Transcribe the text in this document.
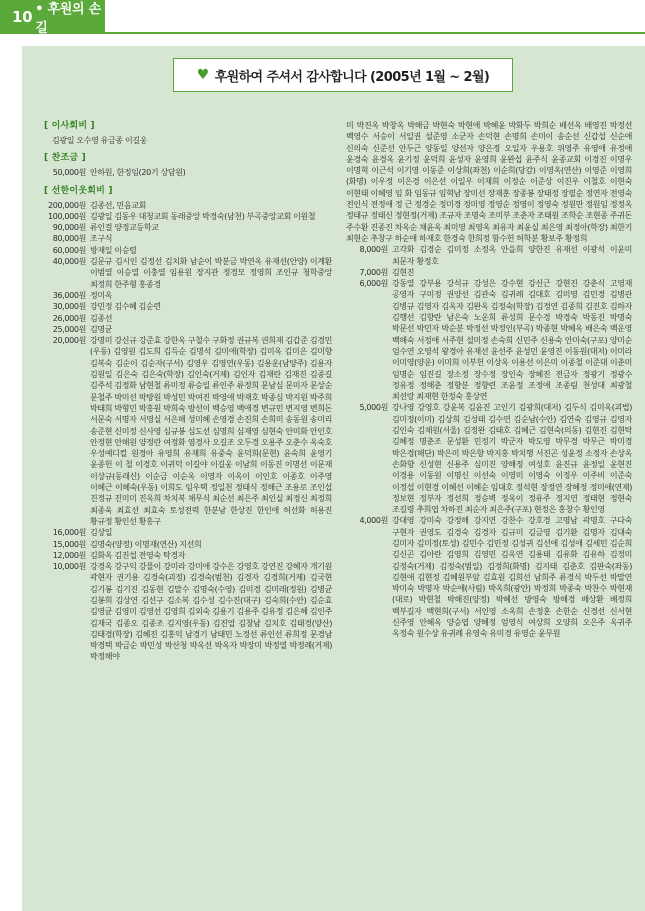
10 • 후원의 손길
♥ 후원하여 주셔서 감사합니다 (2005년 1월 ~ 2월)
[ 이사회비 ]
김광일 오수영 유금종 이길웅
[ 찬조금 ]
50,000원 안하원, 한정임(20기 상담원)
[ 선한이웃회비 ]
200,000원 김종선, 민음교회
100,000원 김광일 김동우 대청교회 동래중앙 박경숙(남천) 부곡중앙교회 이원철
90,000원 류인걸 양정교등학교
80,000원 조구식
60,000원 방재일 이승렬
40,000원 김문규 김시인 김정선 김치화 남순이 박분금 박연옥 유재선(안양) 이계환 이범열 이승열 이충열 임용원 장지관 정경모 정영희 조인규 청학중앙 최정희 한주형 홍종경
36,000원 정미옥
30,000원 강민정 김수혜 김순련
26,000원 김종선
25,000원 김명균
20,000원 강명미 강신규 강준효 강한옥 구철수 구화정 권규복 권희재 김갑준 김경민(우동) 김영원 김도희 김득순 김명석 김미애(학장) 김미옥 김미은 김미향 김복숙 김순이 김순자(구서) 김영우 김영연(우동) 김용운(남양주) 김용자 김원일 김은숙 김은숙(학장) 김인숙(거제) 김인자 김재란 김재진 김종길 김주석 김정화 남현철 류미정 류승일 류인주 류정희 문남심 문미자 문상순 문철주 박미선 박방원 박성민 박여진 박영애 박재호 박종심 박지원 박주희 박태희 박형민 박홍원 박희숙 방선이 백승영 백애경 변규민 변지영 변희돈 서문숙 서명자 서영실 서은해 성미혜 손영경 손진희 손희미 송동원 송미리 송준현 신미정 신사영 심규봉 심도선 심명희 심재영 심현숙 안미화 안인호 안정현 안해원 양정란 여정화 염경사 오길조 오두경 오용주 오춘수 옥숙호 우성예디컬 원경아 유영희 유재희 유중숙 윤덕희(문현) 윤숙희 윤영기 윤종헌 이 철 이경호 이귀덕 이길야 이길웅 이남희 이동진 이명선 이문재 이상규(동래신) 이순금 이순옥 이영자 이옥이 이인호 이종호 이주영 이혜근 이혜숙(우동) 이희도 임우택 정일천 정태식 정해근 조용로 조인섭 진정규 진미미 진옥희 차치복 채무식 최순선 최은주 최인실 최정신 최정희 최종욱 최효선 최효숙 토성전력 한분남 한상진 한인애 허선화 허용진 황규정 황인선 황홍구
16,000원 김상일
15,000원 김명숙(양정) 이명재(연산) 지선희
12,000원 김화옥 김진섭 전영숙 탁경자
10,000원 강경옥 강구익 강물이 강미라 강미애 강수은 강영호 강연진 강혜자 개기원 곽현자 권기용 김경숙(괴정) 김경숙(범천) 김경자 김경희(거제) 김국현 김기봉 김기진 김동현 김말수 김명숙(수영) 김미경 김미래(정원) 김병균 김봉희 김상연 김선구 김소복 김수성 김수진(대구) 김숙희(수안) 김순효 김영균 김영미 김영선 김영희 김외숙 김용기 김용주 김유정 김은혜 김인주 김재국 김종오 김종조 김지영(우동) 김진업 김창남 김치호 김태경(양산) 김태경(학장) 김혜진 김홍익 남경기 남태민 노정선 류인선 류희정 문경남 박경택 박금순 박민성 박산청 박옥선 박옥자 박장미 박정열 박정례(거제) 박정해야
미 박진옥 박창옥 박해금 박현숙 박현애 박혜윤 박화두 박희순 배선옥 배영진 박정선 백영수 서승이 서일권 설준영 소군자 손덕현 손명희 손미이 송순선 신갑섭 신순애 신의숙 신준선 안두근 양동일 양선자 양은정 오일자 우용호 위영주 유영애 유정애 윤경숙 윤경옥 윤기정 윤덕희 윤성자 윤영희 윤완섭 윤주식 윤종교회 이경진 이명우 이명혁 이근석 이기영 이동준 이상희(좌천) 이순희(당감) 이영옥(연산) 이영준 이영희(화명) 이우정 이은경 이은선 이일우 이재희 이정순 이준상 이진우 이철호 이현숙 이현태 이혜영 임 화 임동규 임혁남 장미선 장재훈 장종봉 장태정 장필순 정연자 전영숙 전인식 전정애 정 근 정경순 정미경 정미영 정영순 정영이 정영숙 정원만 정원임 정정옥 정태규 정태신 정현정(거제) 조규자 조명숙 조미부 조춘자 조태원 조학순 조현종 주귀돈 주수환 진종진 차옥순 채윤옥 최미영 최영옥 최유자 최윤실 최은영 최정아(학장) 최한기 최현순 추창구 하순애 하재호 한경숙 한희정 함수헌 허학분 황보주 황정희
8,000원 고각화 김경순 김미정 소정옥 안을희 양한진 유재선 이광석 이윤미 최문자 황정호
7,000원 김현진
6,000원 강동열 강부용 강석규 강성은 강수현 강신근 강현진 강춘식 고영재 공영자 구미정 권양선 김관숙 김귀례 김대호 김미영 김민경 김병관 김병규 김영자 김옥자 김완옥 김정숙(학장) 김정연 김종희 김진호 김하자 김행선 김향란 남은숙 노운희 류성희 문수경 박경숙 박동진 박명숙 박문선 박민자 박순분 박정선 박정인(부곡) 박종현 박혜옥 배은숙 백운영 백해숙 서정애 서주현 설미정 손숙희 신민주 신용숙 안미숙(구포) 양미순 엄수연 오영석 왕경아 유재선 윤선주 윤성민 윤영진 이동원(대저) 이미라 이미영(양운) 이미희 이부헌 이상옥 이용선 이은미 이종철 이준대 이춘미 임명순 임진길 장소정 장수정 장인숙 장혜진 전금자 정광기 정광수 정유정 정해춘 정향분 정향련 조윤정 조정애 조종림 천성대 최광철 최선랑 최재현 한정숙 홍상연
5,000원 강나영 강영호 강윤복 김윤진 고인기 김광희(대저) 김두식 김미옥(괴법) 김미정(이미) 김상희 김성태 김수연 김순남(수안) 김연숙 김영규 김영자 김인숙 김채원(서울) 김정완 김태호 김혜근 김현숙(의동) 김현진 김현탁 김혜정 명춘조 문성환 민정기 박군자 박도영 박무경 박무근 박미경 박은경(해단) 박은미 박은향 박지홍 박치행 서진곤 성윤정 소정자 손상옥 손화향 신성현 신용주 심미진 양해정 여성호 윤진규 윤정일 윤현진 이경용 이동원 이명신 이선숙 이영미 이영숙 이정우 이주비 이준숙 이정섭 이현경 이혜선 이혜순 임대호 정석현 장정연 장혜정 정미애(연제) 정보현 정부자 정선희 정승벽 정옥이 정유주 정지연 정태현 정현숙 조길령 추희엽 차하진 최순자 최은주(구포) 현정은 홍창수 황인영
4,000원 강대영 강미숙 강정해 강지연 강찬수 강호경 고명남 곽명호 구다숙 구현자 권영도 김경숙 김경자 김규미 김금영 김기환 김명자 김대숙 김미자 김미정(토성) 김민수 김민정 김성귀 김선애 김성애 김세민 김순희 김신곤 김아란 김영희 김영민 김옥연 김용태 김유화 김유하 김정미 김정숙(거제) 김정숙(범일) 김정희(화명) 김지태 김춘호 김판숙(좌동) 김현애 김현정 김혜원부암 김효원 김희선 남희주 류경식 박두선 박말연 박미숙 박명자 박순애(사림) 박옥희(광안) 박정희 박종숙 박찬수 박현재(대로) 박현철 박해진(양정) 박혜선 방영숙 방해경 배상환 배정희 백부길자 백현희(구서) 서인영 소옥희 손정훈 손한순 신경선 신서현 신주영 안혜옥 양승엽 양혜정 엄영식 여상희 오양희 오은주 옥귀주 옥정숙 원수상 유귀례 유영숙 유미경 유영순 윤무원
